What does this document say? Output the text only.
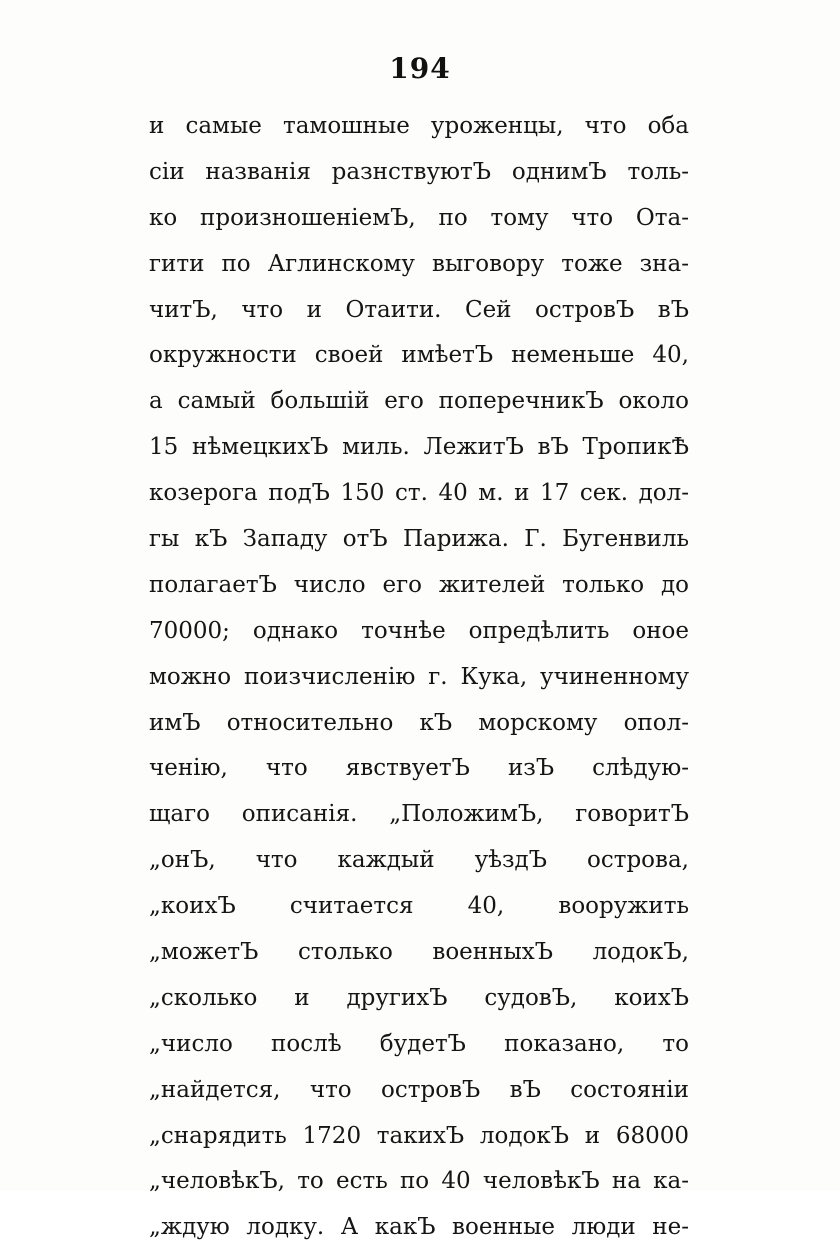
194
и самые тамошные уроженцы, что оба
сiи названiя разнствуютЪ однимЪ толь-
ко произношенiемЪ, по тому что Ота-
гити по Аглинскому выговору тоже зна-
читЪ, что и Отаити. Сей островЪ вЪ
окружности своей имѣетЪ неменьше 40,
а самый большiй его поперечникЪ около
15 нѣмецкихЪ миль. ЛежитЪ вЪ ТропикѢ
козерога подЪ 150 ст. 40 м. и 17 сек. дол-
гы кЪ Западу отЪ Парижа. Г. Бугенвиль
полагаетЪ число его жителей только до
70000; однако точнѣе опредѣлить оное
можно поизчисленiю г. Кука, учиненному
имЪ относительно кЪ морскому опол-
ченiю, что явствуетЪ изЪ слѣдую-
щаго описанiя. „ПоложимЪ, говоритЪ
„онЪ, что каждый уѣздЪ острова,
„коихЪ считается 40, вооружить
„можетЪ столько военныхЪ лодокЪ,
„сколько и другихЪ судовЪ, коихЪ
„число послѣ будетЪ показано, то
„найдется, что островЪ вЪ состоянiи
„снарядить 1720 такихЪ лодокЪ и 68000
„человѣкЪ, то есть по 40 человѣкЪ на ка-
„ждую лодку. А какЪ военные люди не-
